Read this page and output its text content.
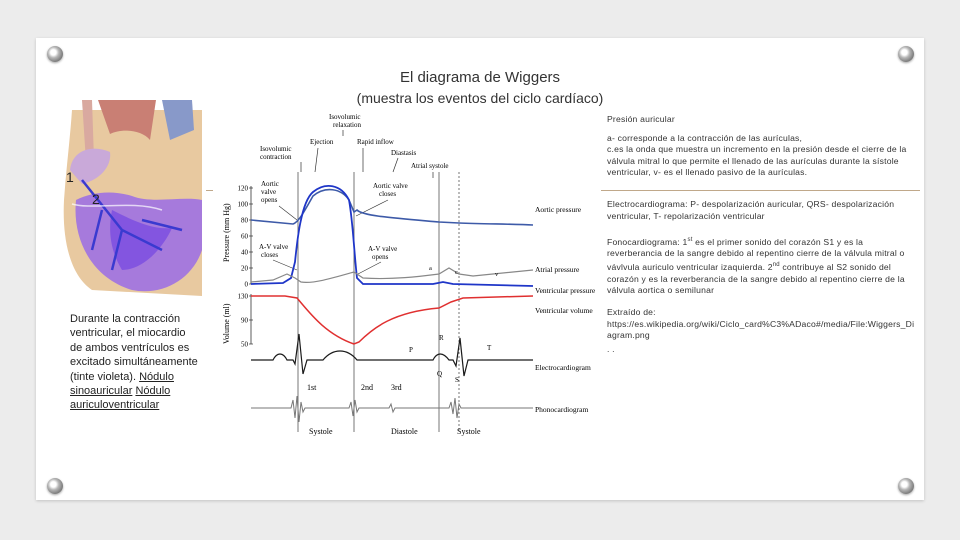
El diagrama de Wiggers
(muestra los eventos del ciclo cardíaco)
1
2
Durante la contracción ventricular, el miocardio de ambos ventrículos es excitado simultáneamente (tinte violeta). Nódulo sinoauricular Nódulo auriculoventricular
Isovolumic
relaxation
Isovolumic
contraction
Ejection	Rapid inflow
Diastasis
Atrial systole
Pressure (mm Hg)
Volume (ml)
120
100
80
60
40
20
0
130
90
50
Aortic
valve
opens
Aortic valve
closes
A-V valve
closes
A-V valve
opens
a
c	v
P
R
Q
S
T
1st	2nd 3rd
Systole	Diastole	Systole
Aortic pressure
Atrial pressure
Ventricular pressure
Ventricular volume
Electrocardiogram
Phonocardiogram

Presión auricular

a- corresponde a la contracción de las aurículas,

c.es la onda que muestra un incremento en la presión desde el cierre de la válvula mitral lo que permite el llenado de las aurículas durante la sístole ventricular, v- es el llenado pasivo de la aurículas.

Electrocardiograma: P- despolarización auricular, QRS- despolarización ventricular, T- repolarización ventricular
Fonocardiograma: 1st es el primer sonido del corazón S1 y es la reverberancia de la sangre debido al repentino cierre de la válvula mitral o vávlvula auriculo ventricular izaquierda. 2nd contribuye al S2 sonido del corazón y es la reverberancia de la sangre debido al repentino cierre de la válvula aortica o semilunar

Extraído de:

https://es.wikipedia.org/wiki/Ciclo_card%C3%ADaco#/media/File:Wiggers_Diagram.png

. .
